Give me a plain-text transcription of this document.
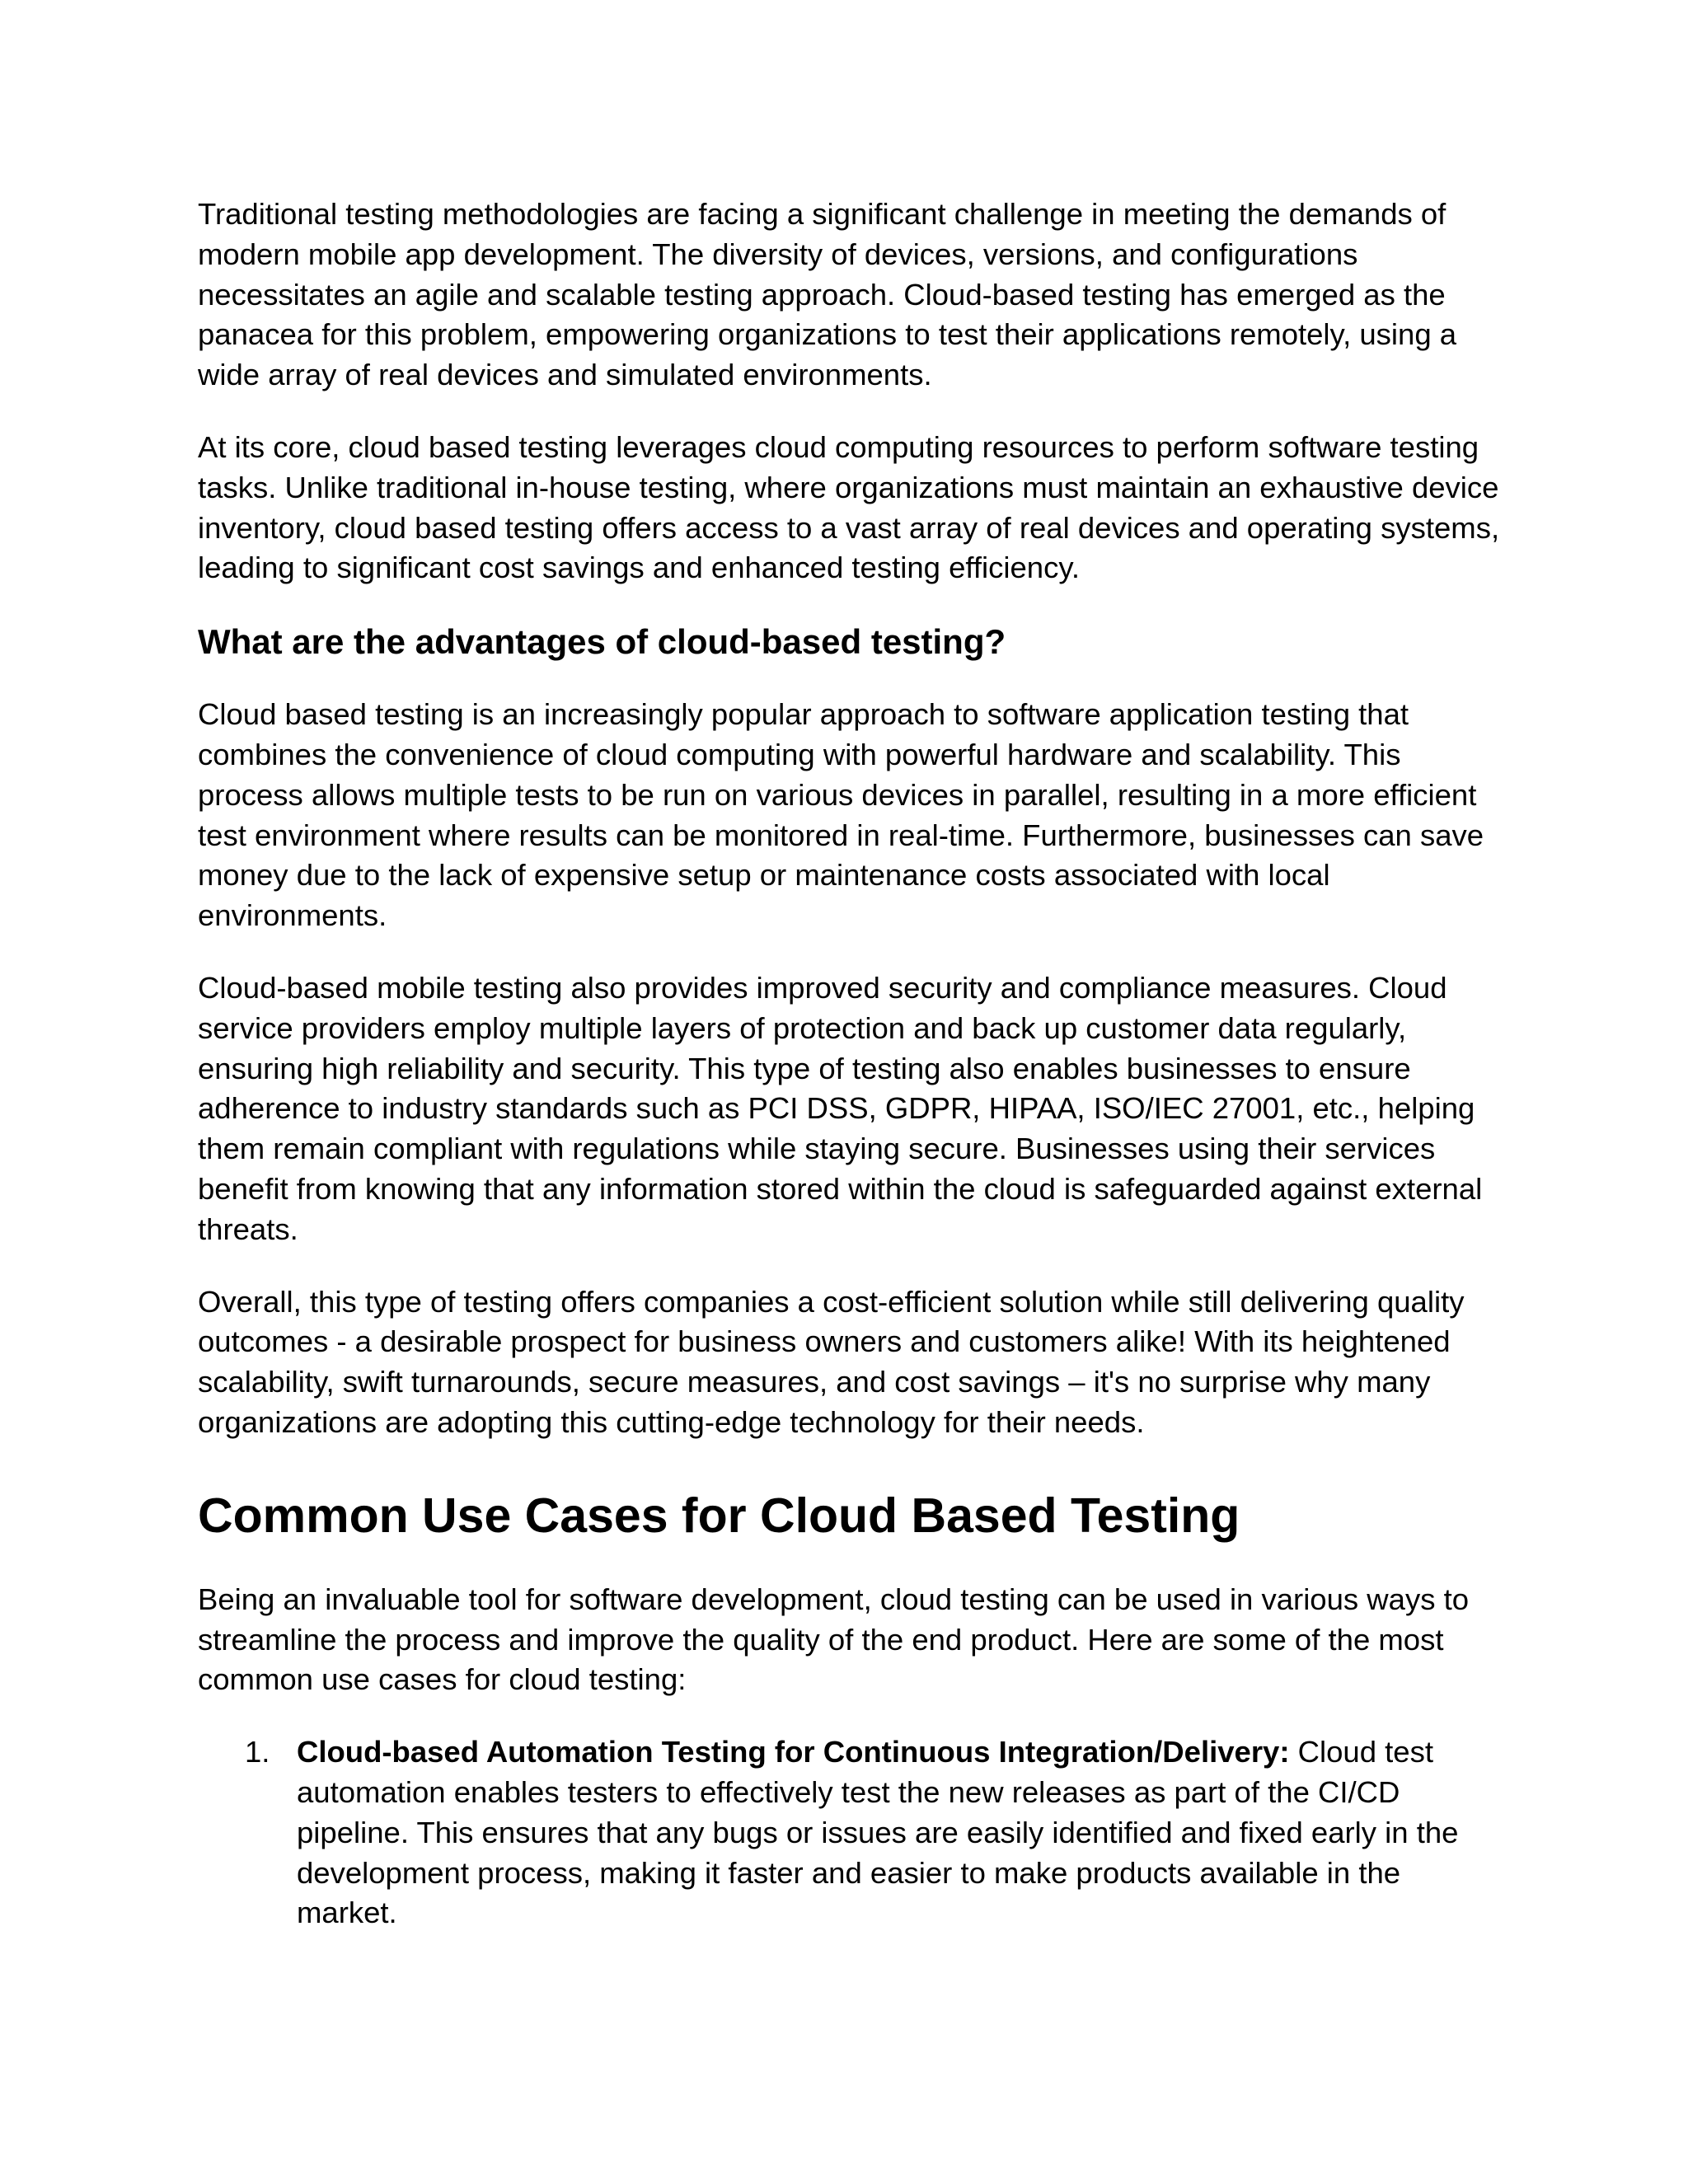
Traditional testing methodologies are facing a significant challenge in meeting the demands of modern mobile app development. The diversity of devices, versions, and configurations necessitates an agile and scalable testing approach. Cloud-based testing has emerged as the panacea for this problem, empowering organizations to test their applications remotely, using a wide array of real devices and simulated environments.

At its core, cloud based testing leverages cloud computing resources to perform software testing tasks. Unlike traditional in-house testing, where organizations must maintain an exhaustive device inventory, cloud based testing offers access to a vast array of real devices and operating systems, leading to significant cost savings and enhanced testing efficiency.

What are the advantages of cloud-based testing?

Cloud based testing is an increasingly popular approach to software application testing that combines the convenience of cloud computing with powerful hardware and scalability. This process allows multiple tests to be run on various devices in parallel, resulting in a more efficient test environment where results can be monitored in real-time. Furthermore, businesses can save money due to the lack of expensive setup or maintenance costs associated with local environments.

Cloud-based mobile testing also provides improved security and compliance measures. Cloud service providers employ multiple layers of protection and back up customer data regularly, ensuring high reliability and security. This type of testing also enables businesses to ensure adherence to industry standards such as PCI DSS, GDPR, HIPAA, ISO/IEC 27001, etc., helping them remain compliant with regulations while staying secure. Businesses using their services benefit from knowing that any information stored within the cloud is safeguarded against external threats.

Overall, this type of testing offers companies a cost-efficient solution while still delivering quality outcomes - a desirable prospect for business owners and customers alike! With its heightened scalability, swift turnarounds, secure measures, and cost savings – it's no surprise why many organizations are adopting this cutting-edge technology for their needs.

Common Use Cases for Cloud Based Testing

Being an invaluable tool for software development, cloud testing can be used in various ways to streamline the process and improve the quality of the end product. Here are some of the most common use cases for cloud testing:

1. Cloud-based Automation Testing for Continuous Integration/Delivery: Cloud test automation enables testers to effectively test the new releases as part of the CI/CD pipeline. This ensures that any bugs or issues are easily identified and fixed early in the development process, making it faster and easier to make products available in the market.
